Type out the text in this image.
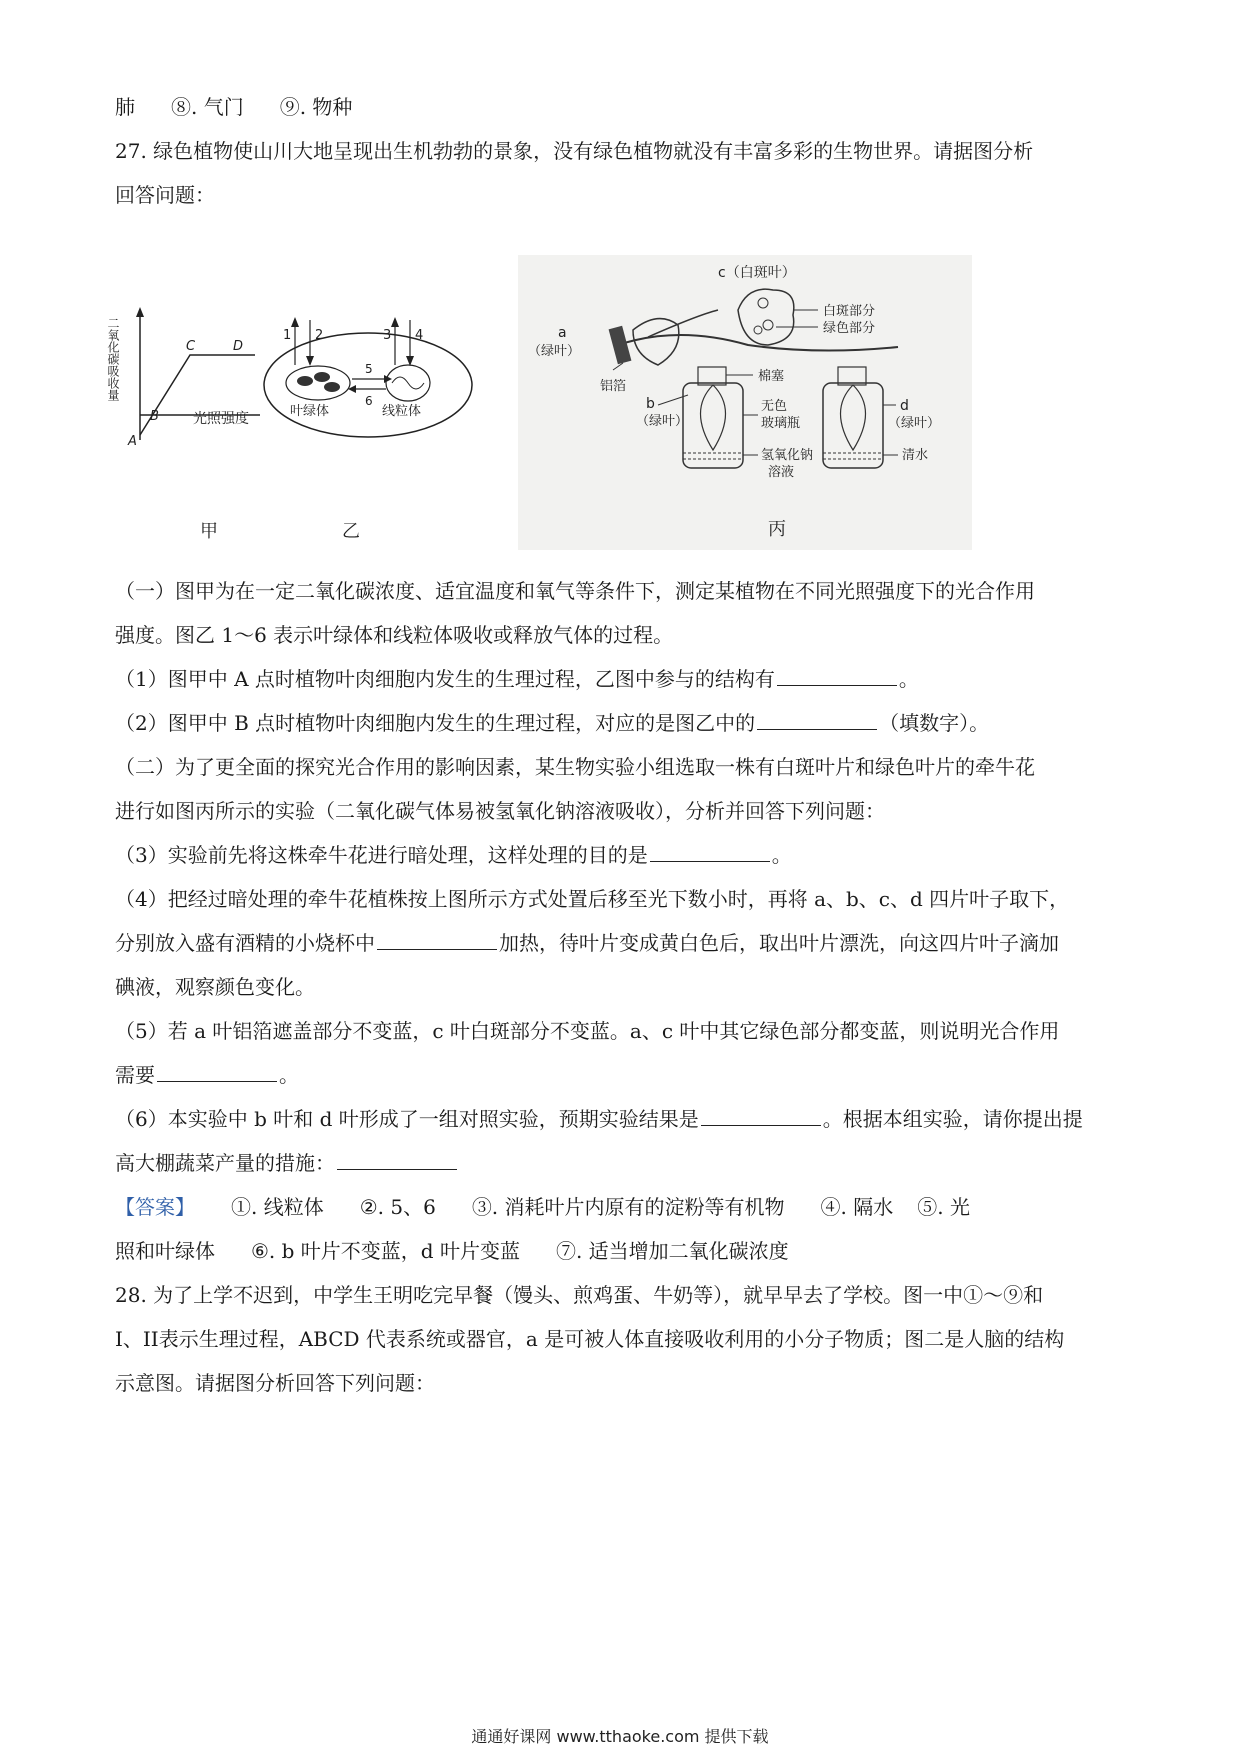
肺 ⑧. 气门 ⑨. 物种
27. 绿色植物使山川大地呈现出生机勃勃的景象，没有绿色植物就没有丰富多彩的生物世界。请据图分析
回答问题：
二氧化碳吸收量
光照强度
A
B
C	D
甲
1 2	3 4
5
6
叶绿体	线粒体
乙
c（白斑叶）
白斑部分
绿色部分
a
（绿叶）
铝箔
棉塞
b
（绿叶）
无色
玻璃瓶
d
（绿叶）
氢氧化钠
溶液
清水
丙
（一）图甲为在一定二氧化碳浓度、适宜温度和氧气等条件下，测定某植物在不同光照强度下的光合作用
强度。图乙 1～6 表示叶绿体和线粒体吸收或释放气体的过程。
（1）图甲中 A 点时植物叶肉细胞内发生的生理过程，乙图中参与的结构有	。
（2）图甲中 B 点时植物叶肉细胞内发生的生理过程，对应的是图乙中的	（填数字）。
（二）为了更全面的探究光合作用的影响因素，某生物实验小组选取一株有白斑叶片和绿色叶片的牵牛花
进行如图丙所示的实验（二氧化碳气体易被氢氧化钠溶液吸收），分析并回答下列问题：
（3）实验前先将这株牵牛花进行暗处理，这样处理的目的是	。
（4）把经过暗处理的牵牛花植株按上图所示方式处置后移至光下数小时，再将 a、b、c、d 四片叶子取下，
分别放入盛有酒精的小烧杯中	加热，待叶片变成黄白色后，取出叶片漂洗，向这四片叶子滴加
碘液，观察颜色变化。
（5）若 a 叶铝箔遮盖部分不变蓝，c 叶白斑部分不变蓝。a、c 叶中其它绿色部分都变蓝，则说明光合作用
需要	。
（6）本实验中 b 叶和 d 叶形成了一组对照实验，预期实验结果是	。根据本组实验，请你提出提
高大棚蔬菜产量的措施：
【答案】 ①. 线粒体 ②. 5、6 ③. 消耗叶片内原有的淀粉等有机物 ④. 隔水 ⑤. 光
照和叶绿体 ⑥. b 叶片不变蓝，d 叶片变蓝 ⑦. 适当增加二氧化碳浓度
28. 为了上学不迟到，中学生王明吃完早餐（馒头、煎鸡蛋、牛奶等），就早早去了学校。图一中①～⑨和
I、II表示生理过程，ABCD 代表系统或器官，a 是可被人体直接吸收利用的小分子物质；图二是人脑的结构
示意图。请据图分析回答下列问题：
通通好课网 www.tthaoke.com 提供下载
